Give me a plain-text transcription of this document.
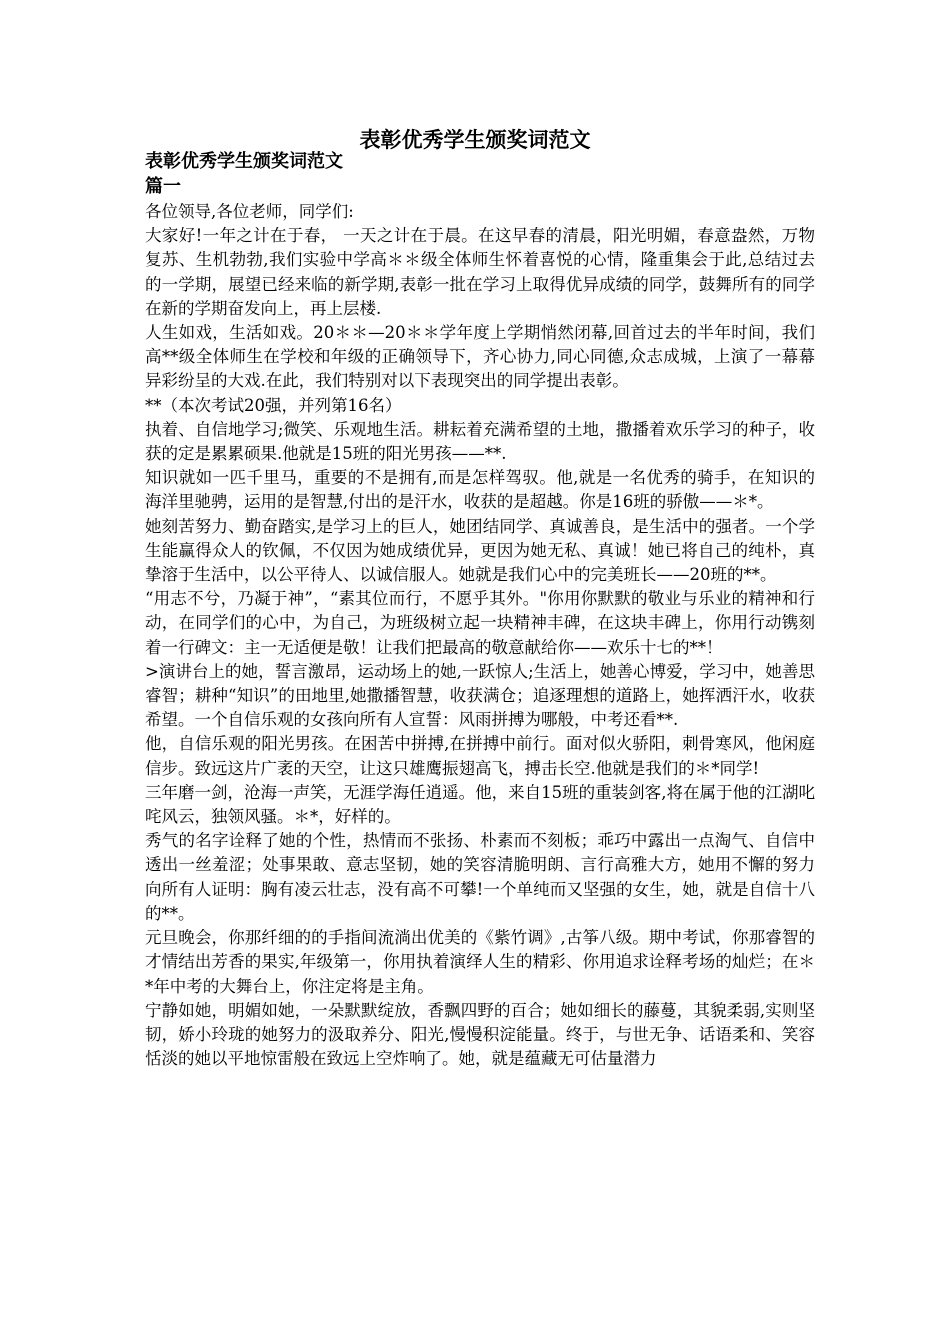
表彰优秀学生颁奖词范文
表彰优秀学生颁奖词范文
篇一

各位领导,各位老师，同学们:

大家好!一年之计在于春， 一天之计在于晨。在这早春的清晨，阳光明媚，春意盎然，万物复苏、生机勃勃,我们实验中学高＊＊级全体师生怀着喜悦的心情，隆重集会于此,总结过去的一学期，展望已经来临的新学期,表彰一批在学习上取得优异成绩的同学，鼓舞所有的同学在新的学期奋发向上，再上层楼.

人生如戏，生活如戏。20＊＊—20＊＊学年度上学期悄然闭幕,回首过去的半年时间，我们高**级全体师生在学校和年级的正确领导下，齐心协力,同心同德,众志成城，上演了一幕幕异彩纷呈的大戏.在此，我们特别对以下表现突出的同学提出表彰。

**（本次考试20强，并列第16名）

执着、自信地学习;微笑、乐观地生活。耕耘着充满希望的土地，撒播着欢乐学习的种子，收获的定是累累硕果.他就是15班的阳光男孩——**.

知识就如一匹千里马，重要的不是拥有,而是怎样驾驭。他,就是一名优秀的骑手，在知识的海洋里驰骋，运用的是智慧,付出的是汗水，收获的是超越。你是16班的骄傲——＊*。

她刻苦努力、勤奋踏实,是学习上的巨人，她团结同学、真诚善良，是生活中的强者。一个学生能赢得众人的钦佩，不仅因为她成绩优异，更因为她无私、真诚！她已将自己的纯朴，真挚溶于生活中，以公平待人、以诚信服人。她就是我们心中的完美班长——20班的**。

“用志不兮，乃凝于神”，“素其位而行，不愿乎其外。"你用你默默的敬业与乐业的精神和行动，在同学们的心中，为自己，为班级树立起一块精神丰碑，在这块丰碑上，你用行动镌刻着一行碑文：主一无适便是敬！让我们把最高的敬意献给你——欢乐十七的**！

>演讲台上的她，誓言激昂，运动场上的她,一跃惊人;生活上，她善心博爱，学习中，她善思睿智；耕种“知识”的田地里,她撒播智慧，收获满仓；追逐理想的道路上，她挥洒汗水，收获希望。一个自信乐观的女孩向所有人宣誓：风雨拼搏为哪般，中考还看**.

他，自信乐观的阳光男孩。在困苦中拼搏,在拼搏中前行。面对似火骄阳，刺骨寒风，他闲庭信步。致远这片广袤的天空，让这只雄鹰振翅高飞，搏击长空.他就是我们的＊*同学!

三年磨一剑，沧海一声笑，无涯学海任逍遥。他，来自15班的重装剑客,将在属于他的江湖叱咤风云，独领风骚。＊*，好样的。

秀气的名字诠释了她的个性，热情而不张扬、朴素而不刻板；乖巧中露出一点淘气、自信中透出一丝羞涩；处事果敢、意志坚韧，她的笑容清脆明朗、言行高雅大方，她用不懈的努力向所有人证明：胸有凌云壮志，没有高不可攀!一个单纯而又坚强的女生，她，就是自信十八的**。

元旦晚会，你那纤细的的手指间流淌出优美的《紫竹调》,古筝八级。期中考试，你那睿智的才情结出芳香的果实,年级第一，你用执着演绎人生的精彩、你用追求诠释考场的灿烂；在＊*年中考的大舞台上，你注定将是主角。

宁静如她，明媚如她，一朵默默绽放，香飘四野的百合；她如细长的藤蔓，其貌柔弱,实则坚韧，娇小玲珑的她努力的汲取养分、阳光,慢慢积淀能量。终于，与世无争、话语柔和、笑容恬淡的她以平地惊雷般在致远上空炸响了。她，就是蕴藏无可估量潜力
